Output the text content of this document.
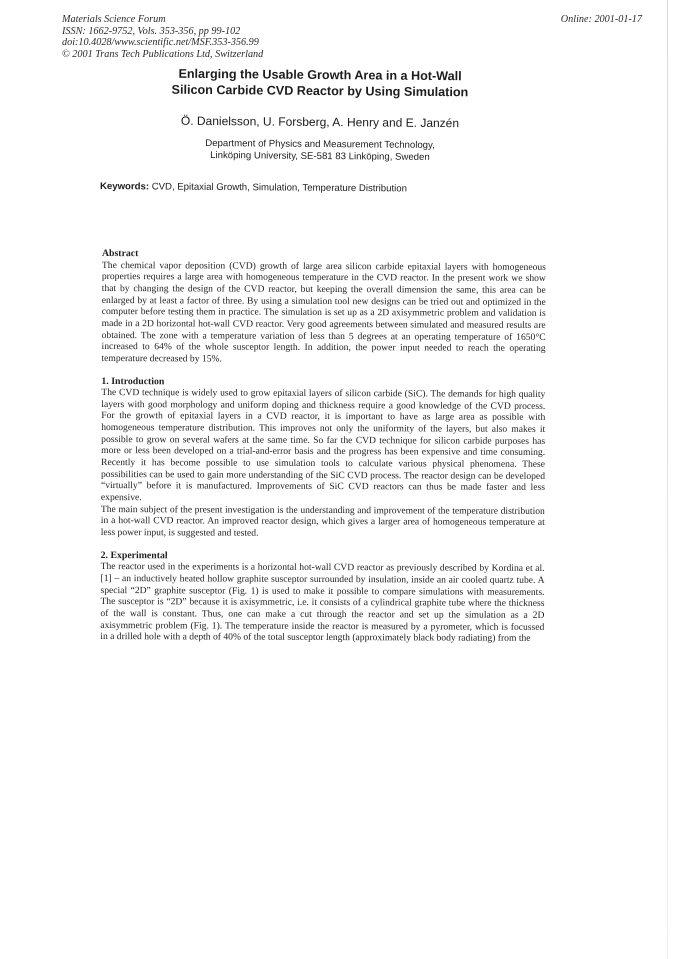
Materials Science Forum
ISSN: 1662-9752, Vols. 353-356, pp 99-102
doi:10.4028/www.scientific.net/MSF.353-356.99
© 2001 Trans Tech Publications Ltd, Switzerland
Online: 2001-01-17
Enlarging the Usable Growth Area in a Hot-Wall
Silicon Carbide CVD Reactor by Using Simulation
Ö. Danielsson, U. Forsberg, A. Henry and E. Janzén
Department of Physics and Measurement Technology,
Linköping University, SE-581 83 Linköping, Sweden
Keywords: CVD, Epitaxial Growth, Simulation, Temperature Distribution
Abstract

The chemical vapor deposition (CVD) growth of large area silicon carbide epitaxial layers with homogeneous properties requires a large area with homogeneous temperature in the CVD reactor. In the present work we show that by changing the design of the CVD reactor, but keeping the overall dimension the same, this area can be enlarged by at least a factor of three. By using a simulation tool new designs can be tried out and optimized in the computer before testing them in practice. The simulation is set up as a 2D axisymmetric problem and validation is made in a 2D horizontal hot-wall CVD reactor. Very good agreements between simulated and measured results are obtained. The zone with a temperature variation of less than 5 degrees at an operating temperature of 1650°C increased to 64% of the whole susceptor length. In addition, the power input needed to reach the operating temperature decreased by 15%.

1. Introduction

The CVD technique is widely used to grow epitaxial layers of silicon carbide (SiC). The demands for high quality layers with good morphology and uniform doping and thickness require a good knowledge of the CVD process. For the growth of epitaxial layers in a CVD reactor, it is important to have as large area as possible with homogeneous temperature distribution. This improves not only the uniformity of the layers, but also makes it possible to grow on several wafers at the same time. So far the CVD technique for silicon carbide purposes has more or less been developed on a trial-and-error basis and the progress has been expensive and time consuming. Recently it has become possible to use simulation tools to calculate various physical phenomena. These possibilities can be used to gain more understanding of the SiC CVD process. The reactor design can be developed “virtually” before it is manufactured. Improvements of SiC CVD reactors can thus be made faster and less expensive.

The main subject of the present investigation is the understanding and improvement of the temperature distribution in a hot-wall CVD reactor. An improved reactor design, which gives a larger area of homogeneous temperature at less power input, is suggested and tested.

2. Experimental

The reactor used in the experiments is a horizontal hot-wall CVD reactor as previously described by Kordina et al. [1] – an inductively heated hollow graphite susceptor surrounded by insulation, inside an air cooled quartz tube. A special “2D” graphite susceptor (Fig. 1) is used to make it possible to compare simulations with measurements. The susceptor is “2D” because it is axisymmetric, i.e. it consists of a cylindrical graphite tube where the thickness of the wall is constant. Thus, one can make a cut through the reactor and set up the simulation as a 2D axisymmetric problem (Fig. 1). The temperature inside the reactor is measured by a pyrometer, which is focussed in a drilled hole with a depth of 40% of the total susceptor length (approximately black body radiating) from the
